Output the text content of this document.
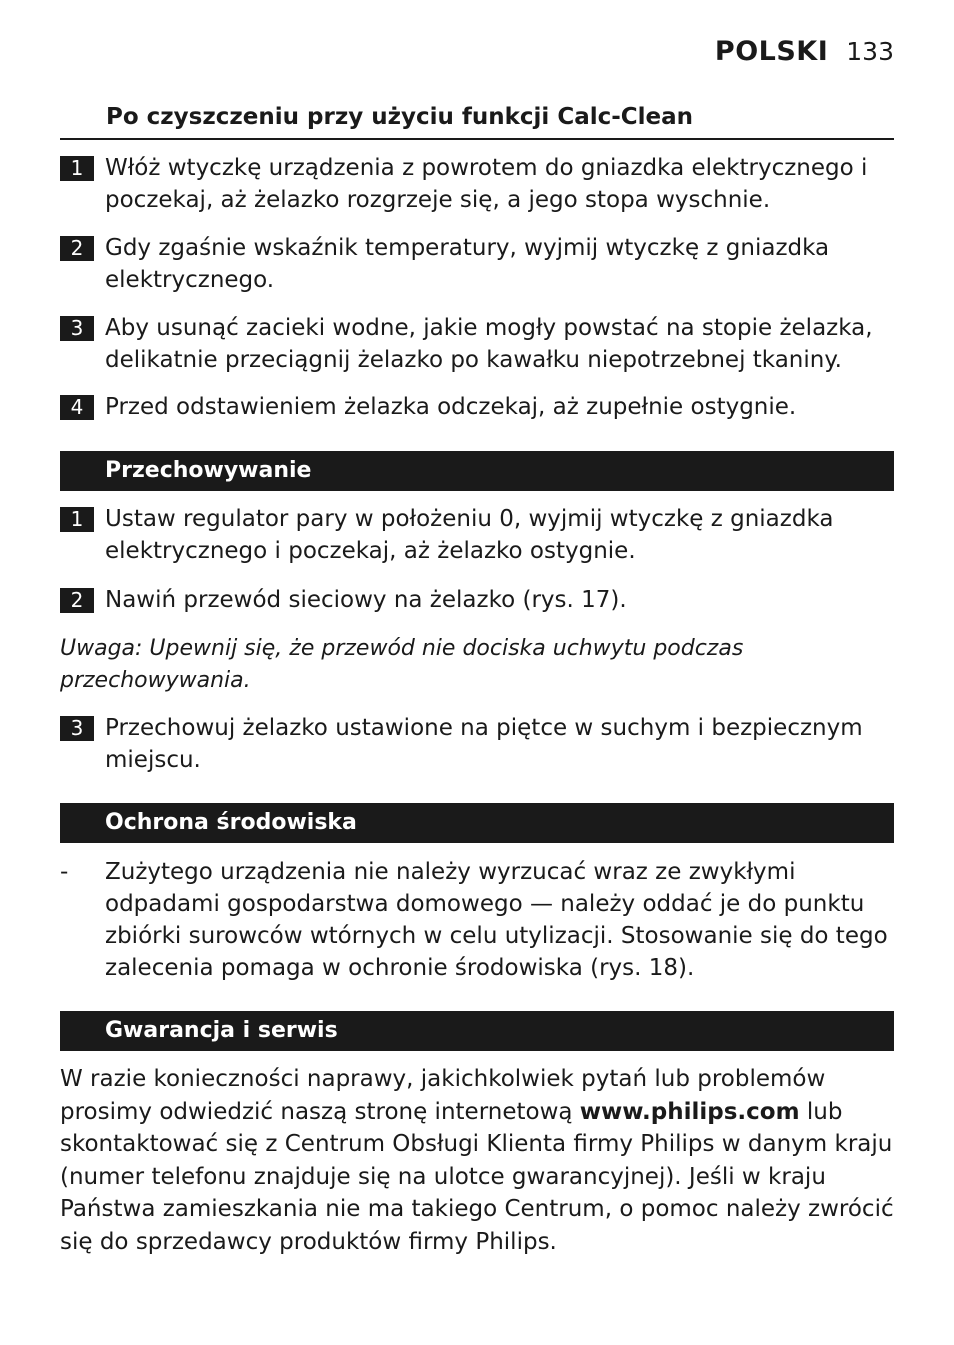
POLSKI 133
Po czyszczeniu przy użyciu funkcji Calc-Clean
1 Włóż wtyczkę urządzenia z powrotem do gniazdka elektrycznego i poczekaj, aż żelazko rozgrzeje się, a jego stopa wyschnie.
2 Gdy zgaśnie wskaźnik temperatury, wyjmij wtyczkę z gniazdka elektrycznego.
3 Aby usunąć zacieki wodne, jakie mogły powstać na stopie żelazka, delikatnie przeciągnij żelazko po kawałku niepotrzebnej tkaniny.
4 Przed odstawieniem żelazka odczekaj, aż zupełnie ostygnie.
Przechowywanie
1 Ustaw regulator pary w położeniu 0, wyjmij wtyczkę z gniazdka elektrycznego i poczekaj, aż żelazko ostygnie.
2 Nawiń przewód sieciowy na żelazko (rys. 17).
Uwaga: Upewnij się, że przewód nie dociska uchwytu podczas przechowywania.
3 Przechowuj żelazko ustawione na piętce w suchym i bezpiecznym miejscu.
Ochrona środowiska
-	Zużytego urządzenia nie należy wyrzucać wraz ze zwykłymi odpadami gospodarstwa domowego — należy oddać je do punktu zbiórki surowców wtórnych w celu utylizacji. Stosowanie się do tego zalecenia pomaga w ochronie środowiska (rys. 18).
Gwarancja i serwis
W razie konieczności naprawy, jakichkolwiek pytań lub problemów prosimy odwiedzić naszą stronę internetową www.philips.com lub skontaktować się z Centrum Obsługi Klienta firmy Philips w danym kraju (numer telefonu znajduje się na ulotce gwarancyjnej). Jeśli w kraju Państwa zamieszkania nie ma takiego Centrum, o pomoc należy zwrócić się do sprzedawcy produktów firmy Philips.
